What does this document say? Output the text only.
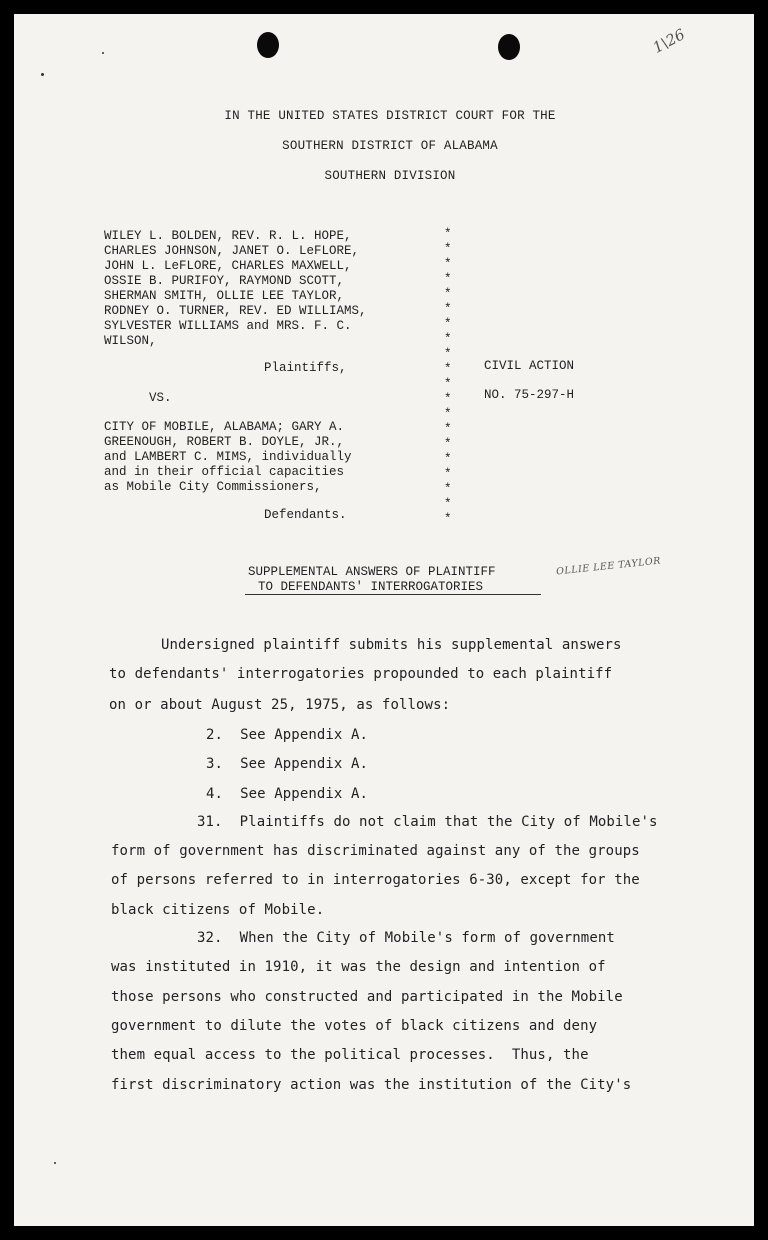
1\26
OLLIE LEE TAYLOR
IN THE UNITED STATES DISTRICT COURT FOR THE
SOUTHERN DISTRICT OF ALABAMA
SOUTHERN DIVISION
WILEY L. BOLDEN, REV. R. L. HOPE,
CHARLES JOHNSON, JANET O. LeFLORE,
JOHN L. LeFLORE, CHARLES MAXWELL,
OSSIE B. PURIFOY, RAYMOND SCOTT,
SHERMAN SMITH, OLLIE LEE TAYLOR,
RODNEY O. TURNER, REV. ED WILLIAMS,
SYLVESTER WILLIAMS and MRS. F. C.
WILSON,
Plaintiffs,
VS.
CITY OF MOBILE, ALABAMA; GARY A.
GREENOUGH, ROBERT B. DOYLE, JR.,
and LAMBERT C. MIMS, individually
and in their official capacities
as Mobile City Commissioners,
Defendants.
CIVIL ACTION
NO. 75-297-H
*
*
*
*
*
*
*
*
*
*
*
*
*
*
*
*
*
*
*
*
SUPPLEMENTAL ANSWERS OF PLAINTIFF
TO DEFENDANTS' INTERROGATORIES
Undersigned plaintiff submits his supplemental answers
to defendants' interrogatories propounded to each plaintiff
on or about August 25, 1975, as follows:
2.  See Appendix A.
3.  See Appendix A.
4.  See Appendix A.
31.  Plaintiffs do not claim that the City of Mobile's
form of government has discriminated against any of the groups
of persons referred to in interrogatories 6-30, except for the
black citizens of Mobile.
32.  When the City of Mobile's form of government
was instituted in 1910, it was the design and intention of
those persons who constructed and participated in the Mobile
government to dilute the votes of black citizens and deny
them equal access to the political processes.  Thus, the
first discriminatory action was the institution of the City's
